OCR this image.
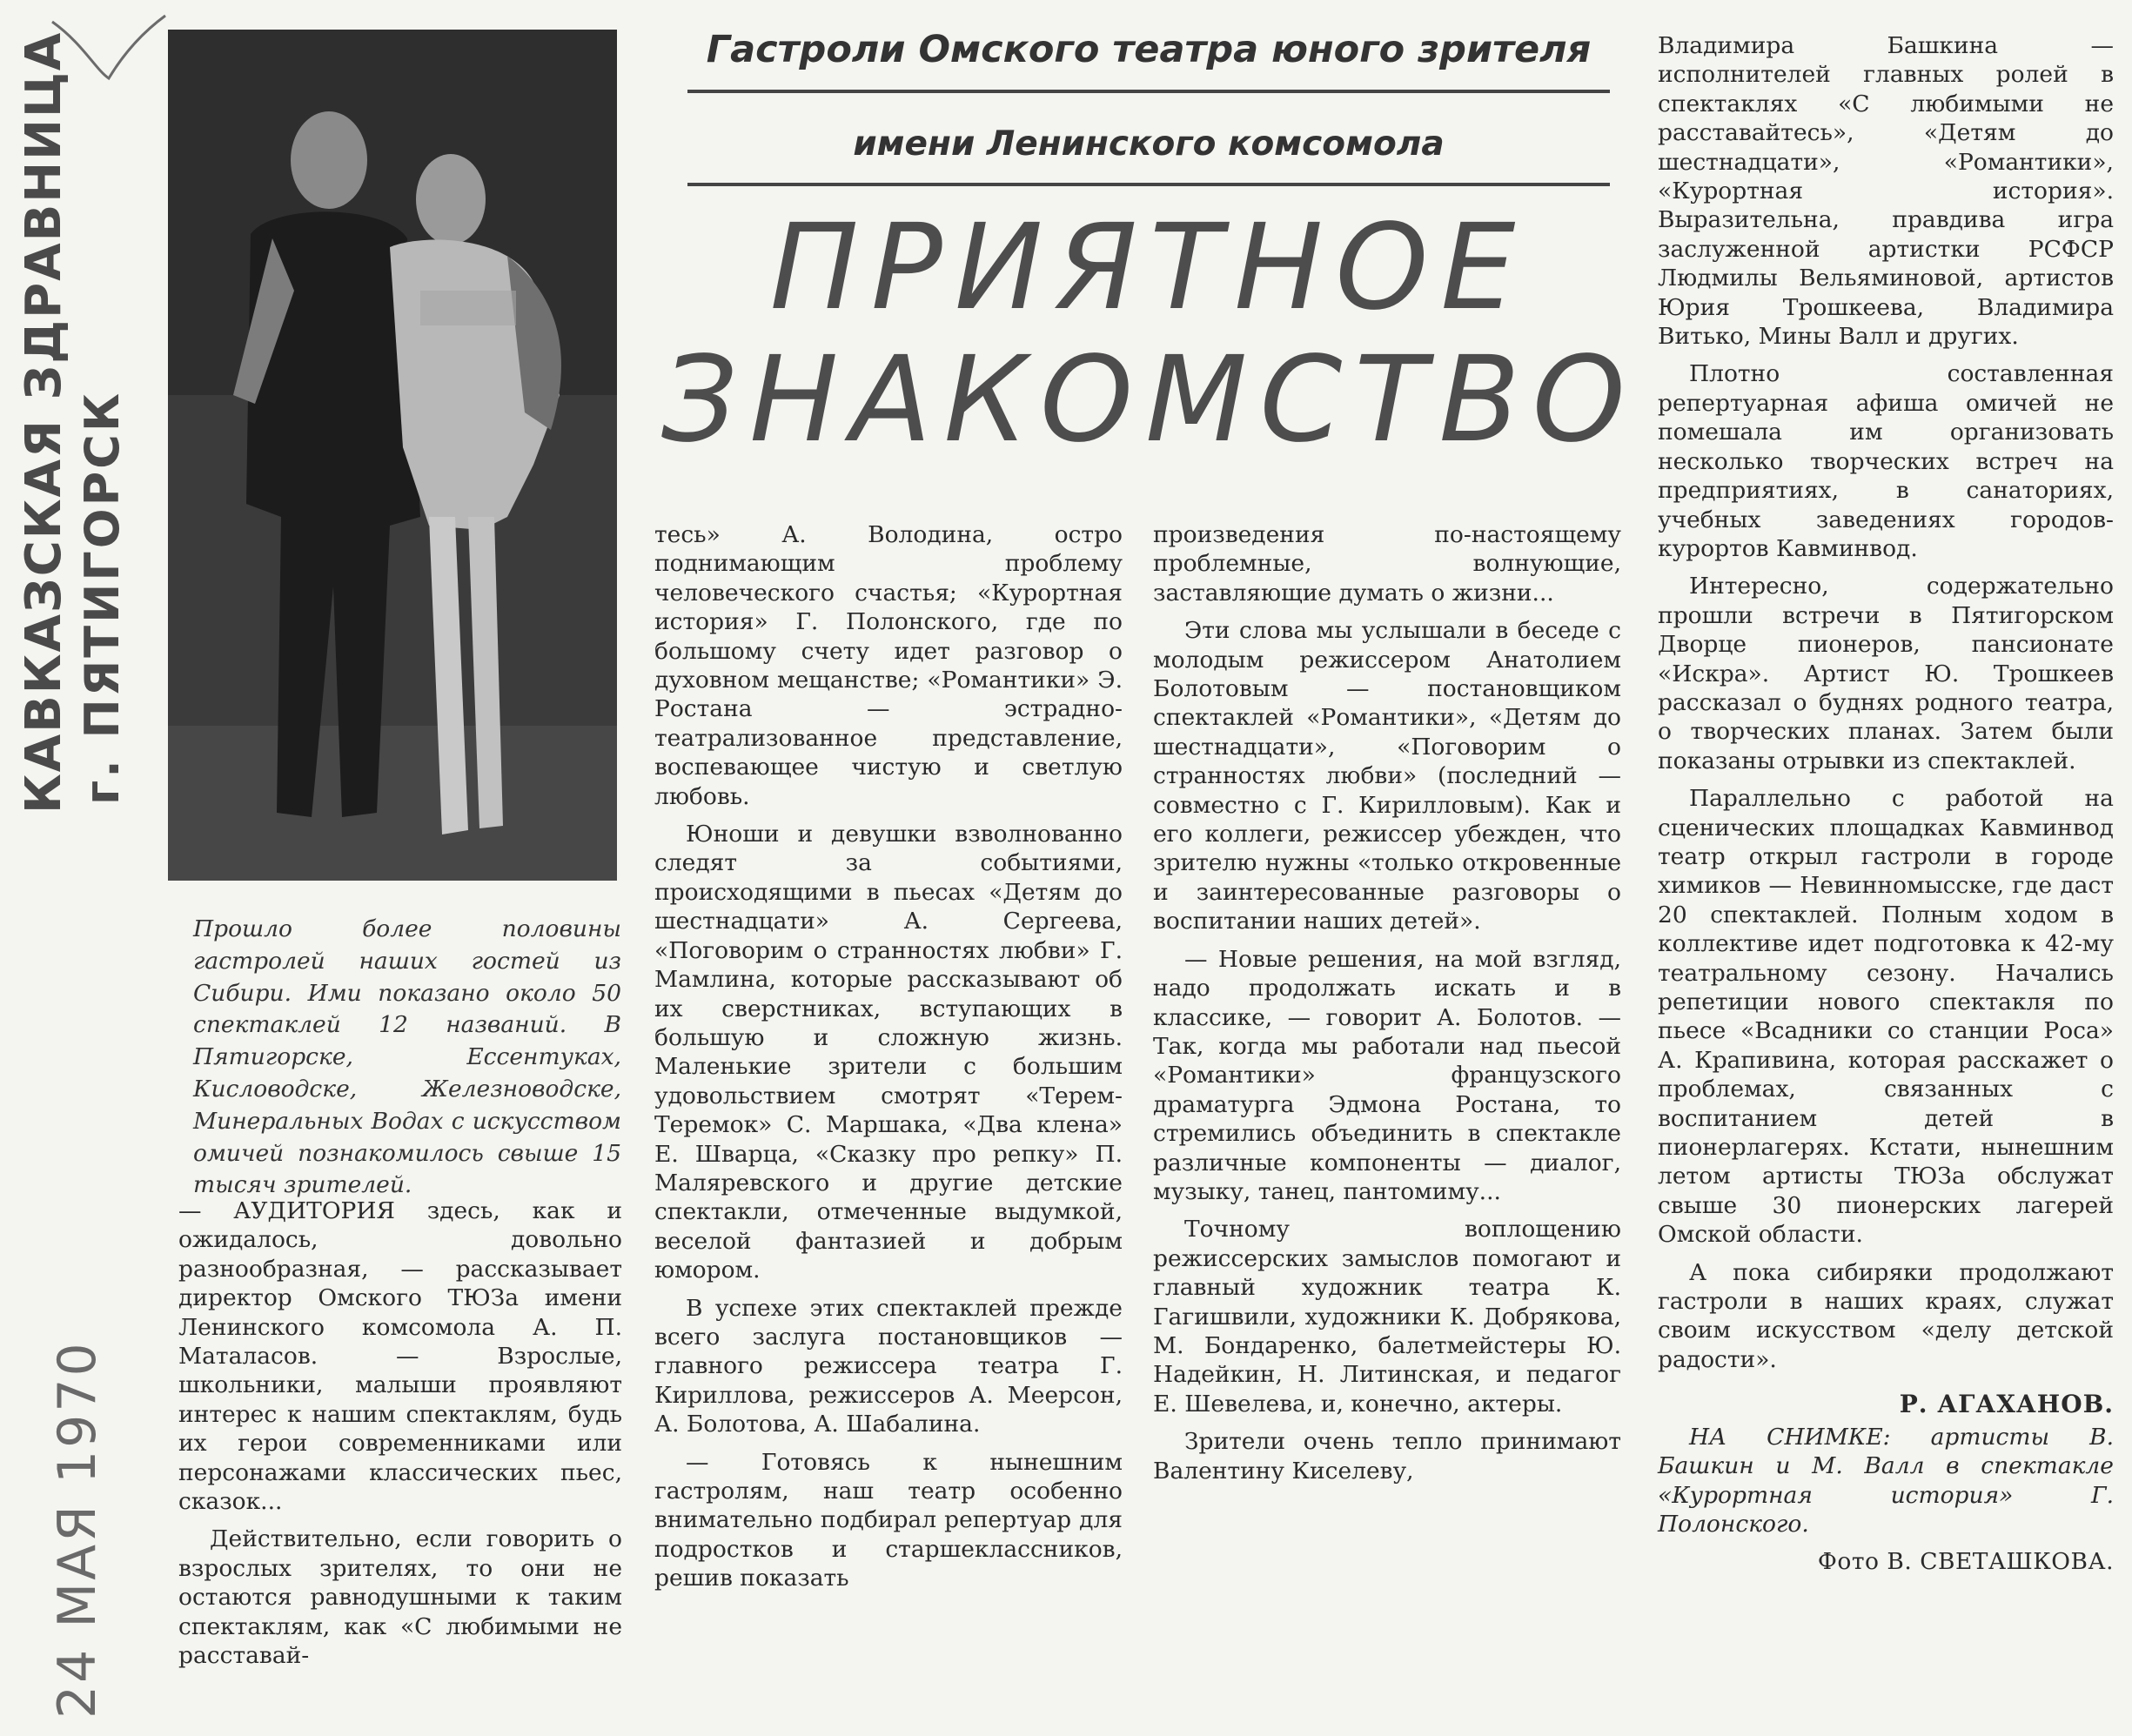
КАВКАЗСКАЯ ЗДРАВНИЦА г. ПЯТИГОРСК
24 МАЯ 1970
Прошло более половины гастролей наших гостей из Сибири. Ими показано около 50 спектаклей 12 названий. В Пятигорске, Ессентуках, Кисловодске, Железноводске, Минеральных Водах с искусством омичей познакомилось свыше 15 тысяч зрителей.
Гастроли Омского театра юного зрителя
имени Ленинского комсомола
ПРИЯТНОЕ
ЗНАКОМСТВО

— АУДИТОРИЯ здесь, как и ожидалось, довольно разнообразная, — рассказывает директор Омского ТЮЗа имени Ленинского комсомола А. П. Маталасов. — Взрослые, школьники, малыши проявляют интерес к нашим спектаклям, будь их герои современниками или персонажами классических пьес, сказок...

Действительно, если говорить о взрослых зрителях, то они не остаются равнодушными к таким спектаклям, как «С любимыми не расставай-

тесь» А. Володина, остро поднимающим проблему человеческого счастья; «Курортная история» Г. Полонского, где по большому счету идет разговор о духовном мещанстве; «Романтики» Э. Ростана — эстрадно-театрализованное представление, воспевающее чистую и светлую любовь.

Юноши и девушки взволнованно следят за событиями, происходящими в пьесах «Детям до шестнадцати» А. Сергеева, «Поговорим о странностях любви» Г. Мамлина, которые рассказывают об их сверстниках, вступающих в большую и сложную жизнь. Маленькие зрители с большим удовольствием смотрят «Терем-Теремок» С. Маршака, «Два клена» Е. Шварца, «Сказку про репку» П. Маляревского и другие детские спектакли, отмеченные выдумкой, веселой фантазией и добрым юмором.

В успехе этих спектаклей прежде всего заслуга постановщиков — главного режиссера театра Г. Кириллова, режиссеров А. Меерсон, А. Болотова, А. Шабалина.

— Готовясь к нынешним гастролям, наш театр особенно внимательно подбирал репертуар для подростков и старшеклассников, решив показать

произведения по-настоящему проблемные, волнующие, заставляющие думать о жизни...

Эти слова мы услышали в беседе с молодым режиссером Анатолием Болотовым — постановщиком спектаклей «Романтики», «Детям до шестнадцати», «Поговорим о странностях любви» (последний — совместно с Г. Кирилловым). Как и его коллеги, режиссер убежден, что зрителю нужны «только откровенные и заинтересованные разговоры о воспитании наших детей».

— Новые решения, на мой взгляд, надо продолжать искать и в классике, — говорит А. Болотов. — Так, когда мы работали над пьесой «Романтики» французского драматурга Эдмона Ростана, то стремились объединить в спектакле различные компоненты — диалог, музыку, танец, пантомиму...

Точному воплощению режиссерских замыслов помогают и главный художник театра К. Гагишвили, художники К. Добрякова, М. Бондаренко, балетмейстеры Ю. Надейкин, Н. Литинская, и педагог Е. Шевелева, и, конечно, актеры.

Зрители очень тепло принимают Валентину Киселеву,

Владимира Башкина — исполнителей главных ролей в спектаклях «С любимыми не расставайтесь», «Детям до шестнадцати», «Романтики», «Курортная история». Выразительна, правдива игра заслуженной артистки РСФСР Людмилы Вельяминовой, артистов Юрия Трошкеева, Владимира Витько, Мины Валл и других.

Плотно составленная репертуарная афиша омичей не помешала им организовать несколько творческих встреч на предприятиях, в санаториях, учебных заведениях городов-курортов Кавминвод.

Интересно, содержательно прошли встречи в Пятигорском Дворце пионеров, пансионате «Искра». Артист Ю. Трошкеев рассказал о буднях родного театра, о творческих планах. Затем были показаны отрывки из спектаклей.

Параллельно с работой на сценических площадках Кавминвод театр открыл гастроли в городе химиков — Невинномысске, где даст 20 спектаклей. Полным ходом в коллективе идет подготовка к 42-му театральному сезону. Начались репетиции нового спектакля по пьесе «Всадники со станции Роса» А. Крапивина, которая расскажет о проблемах, связанных с воспитанием детей в пионерлагерях. Кстати, нынешним летом артисты ТЮЗа обслужат свыше 30 пионерских лагерей Омской области.

А пока сибиряки продолжают гастроли в наших краях, служат своим искусством «делу детской радости».

Р. АГАХАНОВ.

НА СНИМКЕ: артисты В. Башкин и М. Валл в спектакле «Курортная история» Г. Полонского.

Фото В. СВЕТАШКОВА.
